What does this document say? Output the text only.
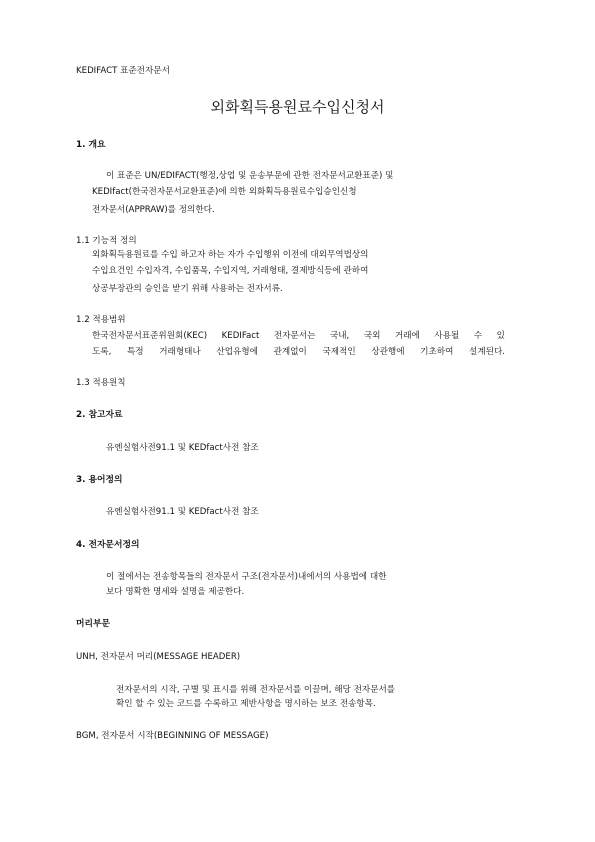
KEDIFACT 표준전자문서

외화획득용원료수입신청서

1. 개요

이 표준은 UN/EDIFACT(행정,상업 및 운송부문에 관한 전자문서교환표준) 및

KEDIfact(한국전자문서교환표준)에 의한 외화획득용원료수입승인신청

전자문서(APPRAW)를 정의한다.

1.1 기능적 정의

외화획득용원료를 수입 하고자 하는 자가 수입행위 이전에 대외무역법상의

수입요건인 수입자격, 수입품목, 수입지역, 거래형태, 결제방식등에 관하여

상공부장관의 승인을 받기 위해 사용하는 전자서류.

1.2 적용범위

한국전자문서표준위원회(KEC) KEDIFact 전자문서는 국내, 국외 거래에 사용될 수 있

도록, 특정 거래형태나 산업유형에 관계없이 국제적인 상관행에 기초하여 설계된다.

1.3 적용원칙

2. 참고자료

유엔실험사전91.1 및 KEDfact사전 참조

3. 용어정의

유엔실험사전91.1 및 KEDfact사전 참조

4. 전자문서정의

이 절에서는 전송항목들의 전자문서 구조(전자문서)내에서의 사용법에 대한

보다 명확한 명세와 설명을 제공한다.

머리부문

UNH, 전자문서 머리(MESSAGE HEADER)

전자문서의 시작, 구별 및 표시를 위해 전자문서를 이끌며, 해당 전자문서를

확인 할 수 있는 코드를 수록하고 제반사항을 명시하는 보조 전송항목.

BGM, 전자문서 시작(BEGINNING OF MESSAGE)
